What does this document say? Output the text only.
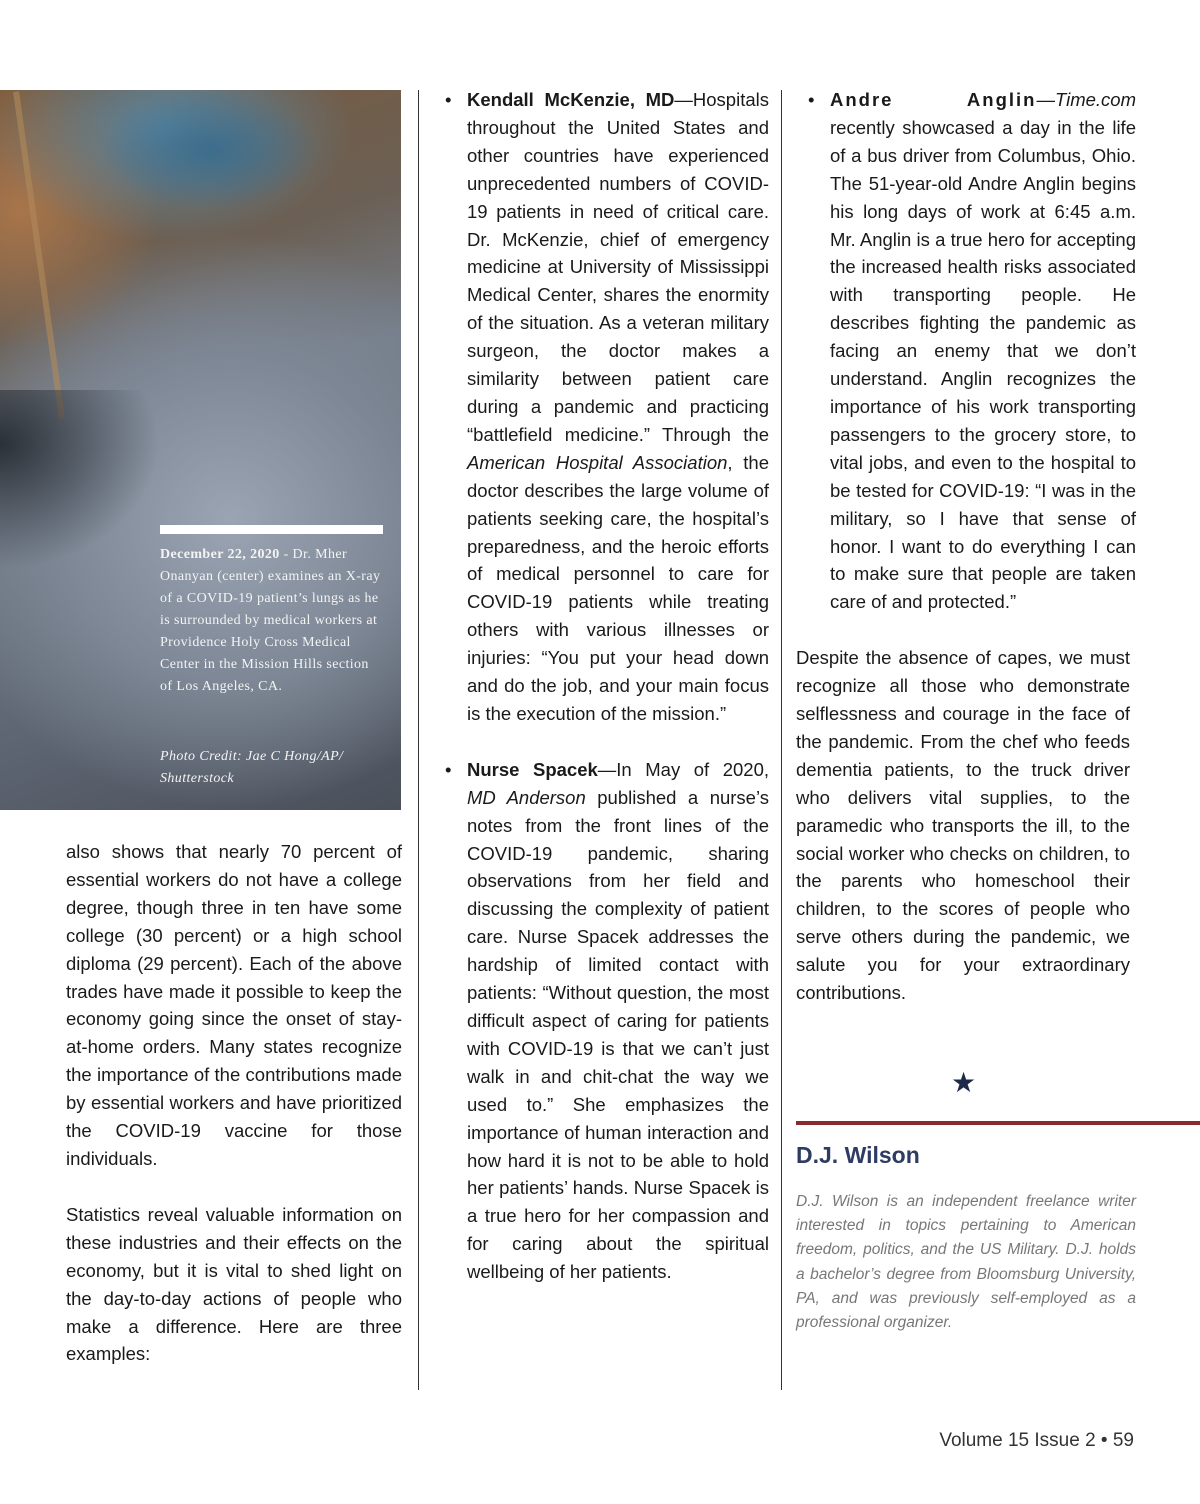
December 22, 2020 - Dr. Mher Onanyan (center) examines an X-ray of a COVID-19 patient’s lungs as he is surrounded by medical workers at Providence Holy Cross Medical Center in the Mission Hills section of Los Angeles, CA.
Photo Credit: Jae C Hong/AP/ Shutterstock

also shows that nearly 70 percent of essential workers do not have a college degree, though three in ten have some college (30 percent) or a high school diploma (29 percent). Each of the above trades have made it possible to keep the economy going since the onset of stay-at-home orders. Many states recognize the importance of the contributions made by essential workers and have prioritized the COVID-19 vaccine for those individuals.

Statistics reveal valuable information on these industries and their effects on the economy, but it is vital to shed light on the day-to-day actions of people who make a difference. Here are three examples:

• Kendall McKenzie, MD—Hospitals throughout the United States and other countries have experienced unprecedented numbers of COVID-19 patients in need of critical care. Dr. McKenzie, chief of emergency medicine at University of Mississippi Medical Center, shares the enormity of the situation. As a veteran military surgeon, the doctor makes a similarity between patient care during a pandemic and practicing “battlefield medicine.” Through the American Hospital Association, the doctor describes the large volume of patients seeking care, the hospital’s preparedness, and the heroic efforts of medical personnel to care for COVID-19 patients while treating others with various illnesses or injuries: “You put your head down and do the job, and your main focus is the execution of the mission.”
• Nurse Spacek—In May of 2020, MD Anderson published a nurse’s notes from the front lines of the COVID-19 pandemic, sharing observations from her field and discussing the complexity of patient care. Nurse Spacek addresses the hardship of limited contact with patients: “Without question, the most difficult aspect of caring for patients with COVID-19 is that we can’t just walk in and chit-chat the way we used to.” She emphasizes the importance of human interaction and how hard it is not to be able to hold her patients’ hands. Nurse Spacek is a true hero for her compassion and for caring about the spiritual wellbeing of her patients.
• Andre Anglin—Time.com recently showcased a day in the life of a bus driver from Columbus, Ohio. The 51-year-old Andre Anglin begins his long days of work at 6:45 a.m. Mr. Anglin is a true hero for accepting the increased health risks associated with transporting people. He describes fighting the pandemic as facing an enemy that we don’t understand. Anglin recognizes the importance of his work transporting passengers to the grocery store, to vital jobs, and even to the hospital to be tested for COVID-19: “I was in the military, so I have that sense of honor. I want to do everything I can to make sure that people are taken care of and protected.”

Despite the absence of capes, we must recognize all those who demonstrate selflessness and courage in the face of the pandemic. From the chef who feeds dementia patients, to the truck driver who delivers vital supplies, to the paramedic who transports the ill, to the social worker who checks on children, to the parents who homeschool their children, to the scores of people who serve others during the pandemic, we salute you for your extraordinary contributions.

★
D.J. Wilson
D.J. Wilson is an independent freelance writer interested in topics pertaining to American freedom, politics, and the US Military. D.J. holds a bachelor’s degree from Bloomsburg University, PA, and was previously self-employed as a professional organizer.
Volume 15 Issue 2 • 59
